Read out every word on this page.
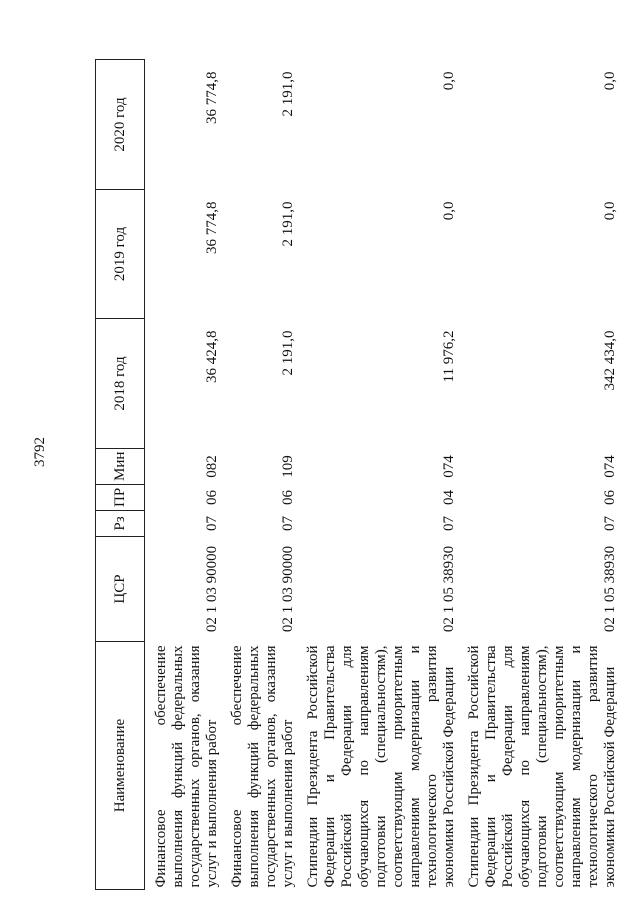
3792
Наименование	ЦСР	Рз	ПР	Мин	2018 год	2019 год	2020 год

Финансовое обеспечение выполнения функций федеральных государственных органов, оказания услуг и выполнения работ	02 1 03 90000	07	06	082	36 424,8	36 774,8	36 774,8

Финансовое обеспечение выполнения функций федеральных государственных органов, оказания услуг и выполнения работ	02 1 03 90000	07	06	109	2 191,0	2 191,0	2 191,0

Стипендии Президента Российской Федерации и Правительства Российской Федерации для обучающихся по направлениям подготовки (специальностям), соответствующим приоритетным направлениям модернизации и технологического развития экономики Российской Федерации	02 1 05 38930	07	04	074	11 976,2	0,0	0,0

Стипендии Президента Российской Федерации и Правительства Российской Федерации для обучающихся по направлениям подготовки (специальностям), соответствующим приоритетным направлениям модернизации и технологического развития экономики Российской Федерации	02 1 05 38930	07	06	074	342 434,0	0,0	0,0
